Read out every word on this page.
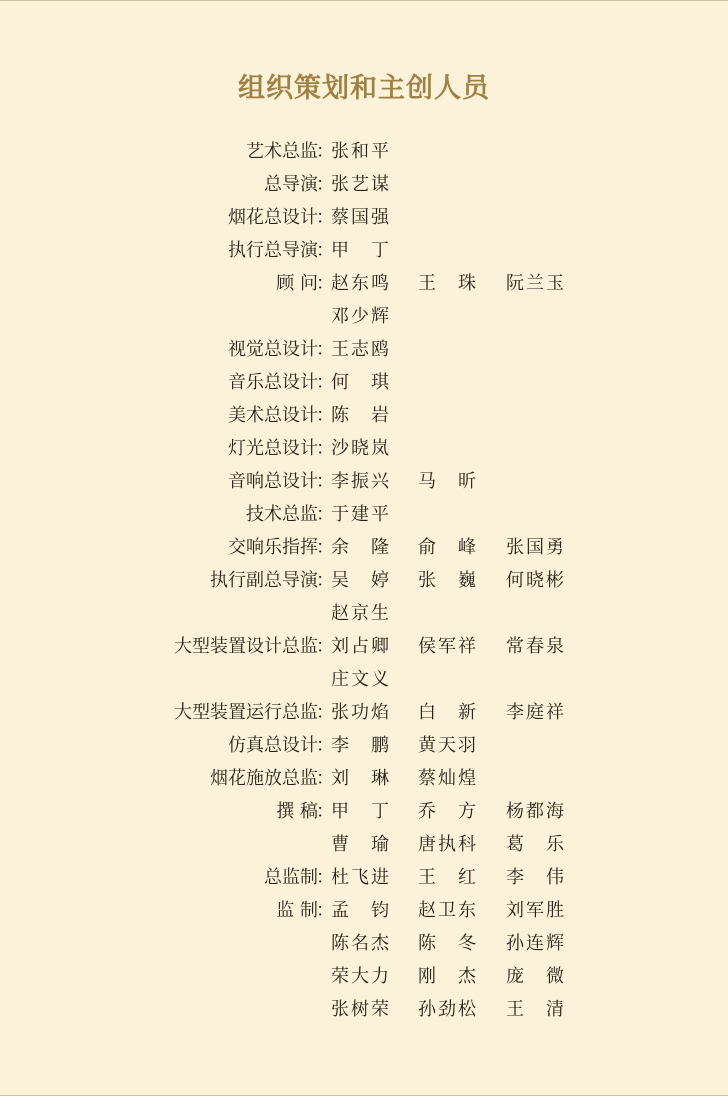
组织策划和主创人员
艺术总监
：
张和平
总导演
：
张艺谋
烟花总设计
：
蔡国强
执行总导演
：
甲 丁
顾 问
：
赵东鸣 王 珠 阮兰玉
邓少辉
视觉总设计
：
王志鸥
音乐总设计
：
何 琪
美术总设计
：
陈 岩
灯光总设计
：
沙晓岚
音响总设计
：
李振兴 马 昕
技术总监
：
于建平
交响乐指挥
：
余 隆 俞 峰 张国勇
执行副总导演
：
吴 婷 张 巍 何晓彬
赵京生
大型装置设计总监
：
刘占卿 侯军祥 常春泉
庄文义
大型装置运行总监
：
张功焰 白 新 李庭祥
仿真总设计
：
李 鹏 黄天羽
烟花施放总监
：
刘 琳 蔡灿煌
撰 稿
：
甲 丁 乔 方 杨都海
曹 瑜 唐执科 葛 乐
总监制
：
杜飞进 王 红 李 伟
监 制
：
孟 钧 赵卫东 刘军胜
陈名杰 陈 冬 孙连辉
荣大力 刚 杰 庞 微
张树荣 孙劲松 王 清
